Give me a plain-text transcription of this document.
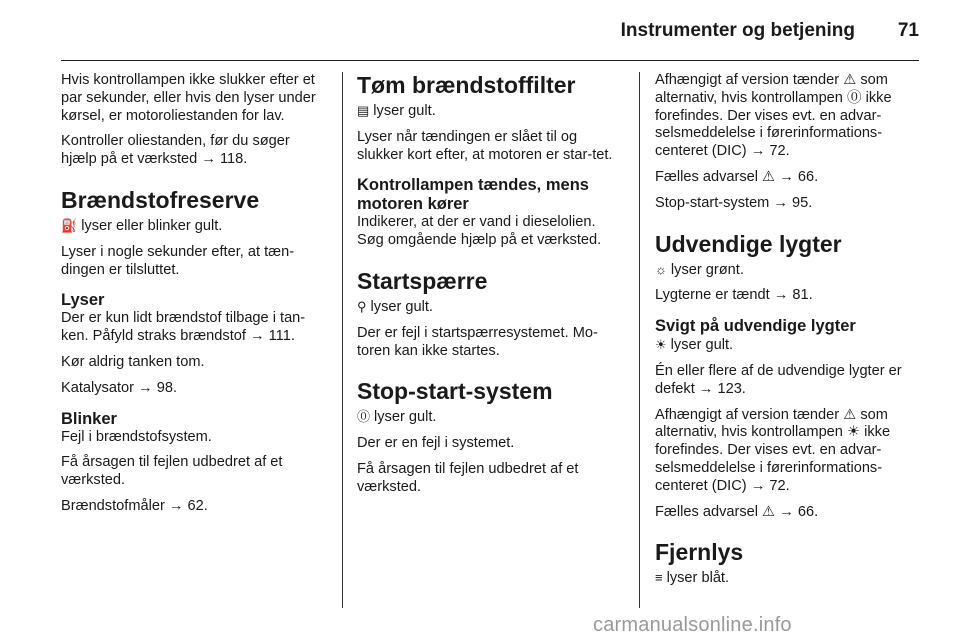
Instrumenter og betjening 71

Hvis kontrollampen ikke slukker efter et par sekunder, eller hvis den lyser under kørsel, er motoroliestanden for lav.

Kontroller oliestanden, før du søger hjælp på et værksted → 118.

Brændstofreserve

⛽ lyser eller blinker gult.

Lyser i nogle sekunder efter, at tæn-dingen er tilsluttet.

Lyser

Der er kun lidt brændstof tilbage i tan-ken. Påfyld straks brændstof → 111.

Kør aldrig tanken tom.

Katalysator → 98.

Blinker

Fejl i brændstofsystem.

Få årsagen til fejlen udbedret af et værksted.

Brændstofmåler → 62.

Tøm brændstoffilter

▤ lyser gult.

Lyser når tændingen er slået til og slukker kort efter, at motoren er star-tet.

Kontrollampen tændes, mens motoren kører

Indikerer, at der er vand i dieselolien. Søg omgående hjælp på et værksted.

Startspærre

⚲ lyser gult.

Der er fejl i startspærresystemet. Mo-toren kan ikke startes.

Stop-start-system

⓪ lyser gult.

Der er en fejl i systemet.

Få årsagen til fejlen udbedret af et værksted.

Afhængigt af version tænder ⚠ som alternativ, hvis kontrollampen ⓪ ikke forefindes. Der vises evt. en advar-selsmeddelelse i førerinformations-centeret (DIC) → 72.

Fælles advarsel ⚠ → 66.

Stop-start-system → 95.

Udvendige lygter

☼ lyser grønt.

Lygterne er tændt → 81.

Svigt på udvendige lygter

☀ lyser gult.

Én eller flere af de udvendige lygter er defekt → 123.

Afhængigt af version tænder ⚠ som alternativ, hvis kontrollampen ☀ ikke forefindes. Der vises evt. en advar-selsmeddelelse i førerinformations-centeret (DIC) → 72.

Fælles advarsel ⚠ → 66.

Fjernlys

≡ lyser blåt.

carmanualsonline.info
